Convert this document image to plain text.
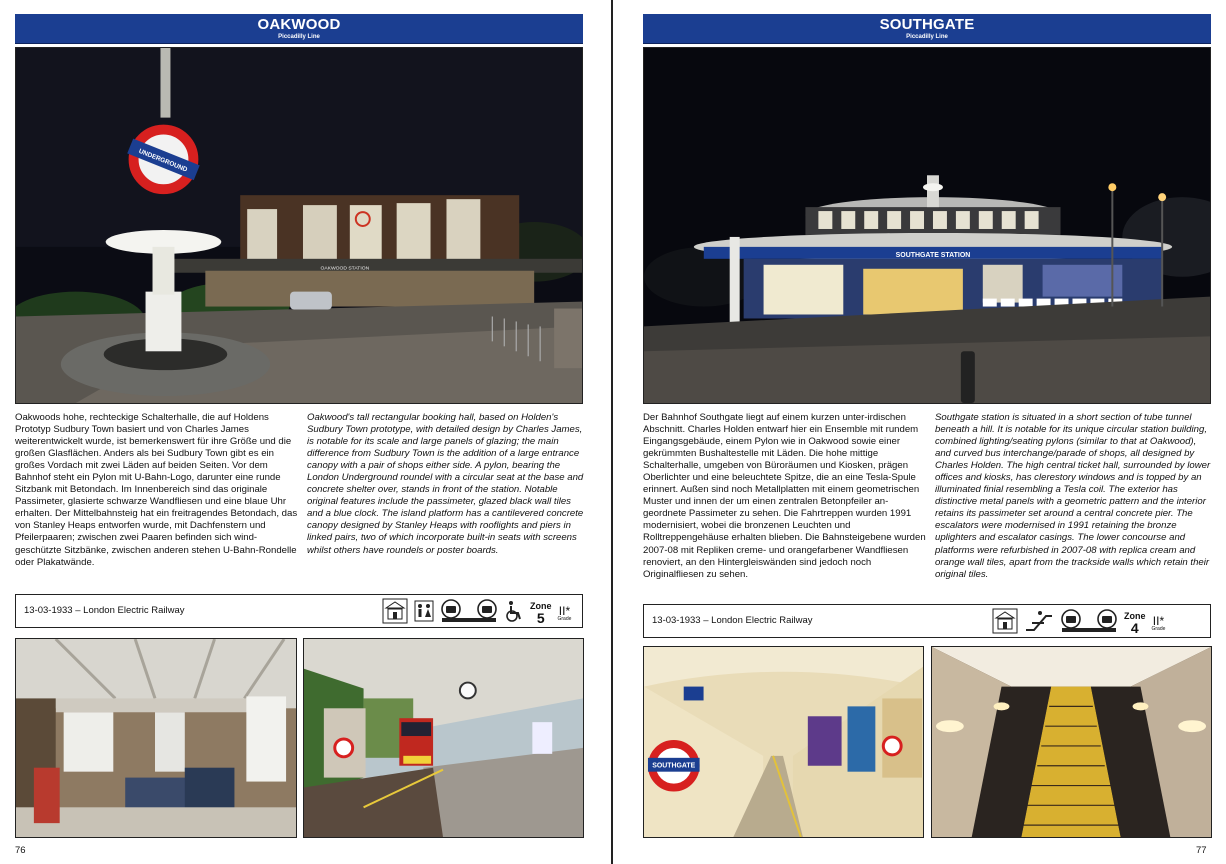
OAKWOOD
Piccadilly Line
OAKWOOD STATION
UNDERGROUND
Oakwoods hohe, rechteckige Schalterhalle, die auf Holdens Prototyp Sudbury Town basiert und von Charles James weiterentwickelt wurde, ist bemerkenswert für ihre Größe und die großen Glasflächen. Anders als bei Sudbury Town gibt es ein großes Vordach mit zwei Läden auf beiden Seiten. Vor dem Bahnhof steht ein Pylon mit U-Bahn-Logo, darunter eine runde Sitzbank mit Betondach. Im Innenbereich sind das originale Passimeter, glasierte schwarze Wandfliesen und eine blaue Uhr erhalten. Der Mittelbahnsteig hat ein freitragendes Betondach, das von Stanley Heaps entworfen wurde, mit Dachfenstern und Pfeilerpaaren; zwischen zwei Paaren befinden sich wind-geschützte Sitzbänke, zwischen anderen stehen U-Bahn-Rondelle oder Plakatwände.
Oakwood's tall rectangular booking hall, based on Holden's Sudbury Town prototype, with detailed design by Charles James, is notable for its scale and large panels of glazing; the main difference from Sudbury Town is the addition of a large entrance canopy with a pair of shops either side. A pylon, bearing the London Underground roundel with a circular seat at the base and concrete shelter over, stands in front of the station. Notable original features include the passimeter, glazed black wall tiles and a blue clock. The island platform has a cantilevered concrete canopy designed by Stanley Heaps with rooflights and piers in linked pairs, two of which incorporate built-in seats with screens whilst others have roundels or poster boards.
13-03-1933 – London Electric Railway	Zone
5 II*
Grade
76
SOUTHGATE
Piccadilly Line
SOUTHGATE STATION
Der Bahnhof Southgate liegt auf einem kurzen unter-irdischen Abschnitt. Charles Holden entwarf hier ein Ensemble mit rundem Eingangsgebäude, einem Pylon wie in Oakwood sowie einer gekrümmten Bushaltestelle mit Läden. Die hohe mittige Schalterhalle, umgeben von Büroräumen und Kiosken, prägen Oberlichter und eine beleuchtete Spitze, die an eine Tesla-Spule erinnert. Außen sind noch Metallplatten mit einem geometrischen Muster und innen der um einen zentralen Betonpfeiler an-geordnete Passimeter zu sehen. Die Fahrtreppen wurden 1991 modernisiert, wobei die bronzenen Leuchten und Rolltreppengehäuse erhalten blieben. Die Bahnsteigebene wurden 2007-08 mit Repliken creme- und orangefarbener Wandfliesen renoviert, an den Hintergleiswänden sind jedoch noch Originalfliesen zu sehen.
Southgate station is situated in a short section of tube tunnel beneath a hill. It is notable for its unique circular station building, combined lighting/seating pylons (similar to that at Oakwood), and curved bus interchange/parade of shops, all designed by Charles Holden. The high central ticket hall, surrounded by lower offices and kiosks, has clerestory windows and is topped by an illuminated finial resembling a Tesla coil. The exterior has distinctive metal panels with a geometric pattern and the interior retains its passimeter set around a central concrete pier. The escalators were modernised in 1991 retaining the bronze uplighters and escalator casings. The lower concourse and platforms were refurbished in 2007-08 with replica cream and orange wall tiles, apart from the trackside walls which retain their original tiles.
13-03-1933 – London Electric Railway	Zone
4 II*
Grade
SOUTHGATE
77
